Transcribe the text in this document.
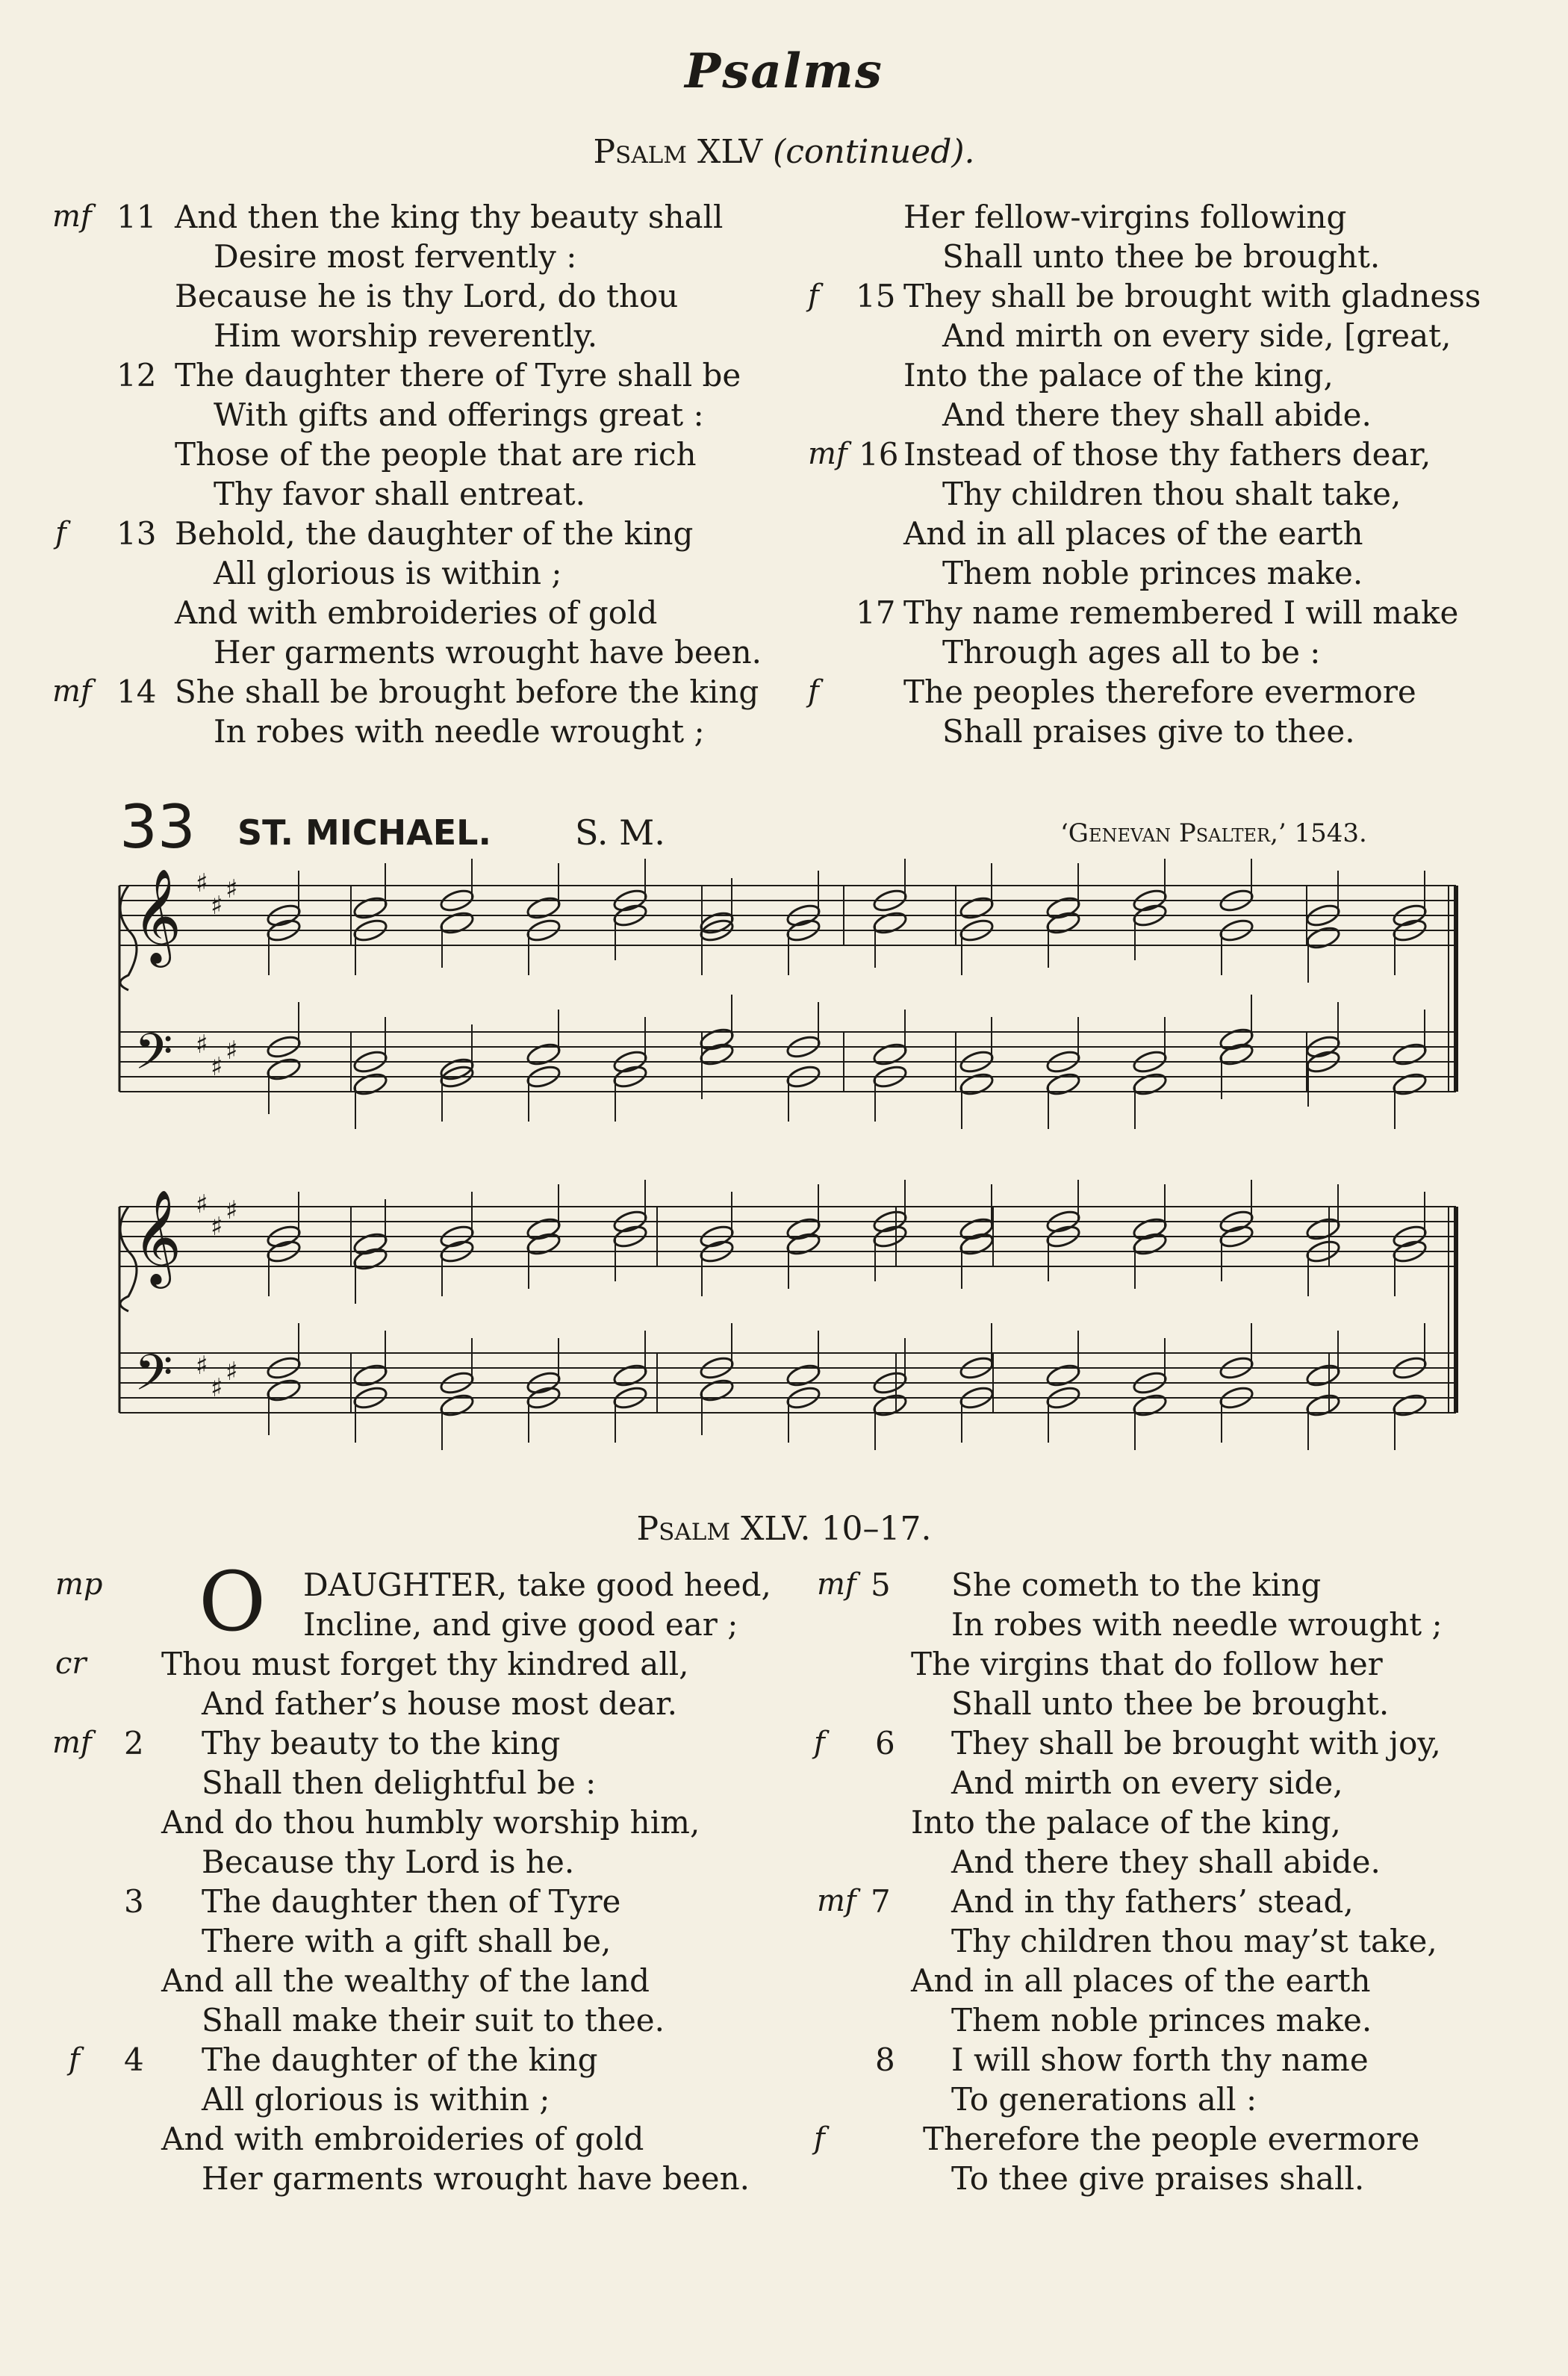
Psalms
Psalm XLV (continued).
mf 11 And then the king thy beauty shall
Desire most fervently :
Because he is thy Lord, do thou
Him worship reverently.
12 The daughter there of Tyre shall be
With gifts and offerings great :
Those of the people that are rich
Thy favor shall entreat.
f 13 Behold, the daughter of the king
All glorious is within ;
And with embroideries of gold
Her garments wrought have been.
mf 14 She shall be brought before the king
In robes with needle wrought ;
Her fellow-virgins following
Shall unto thee be brought.
f 15 They shall be brought with gladness
And mirth on every side, [great,
Into the palace of the king,
And there they shall abide.
mf 16 Instead of those thy fathers dear,
Thy children thou shalt take,
And in all places of the earth
Them noble princes make.
17 Thy name remembered I will make
Through ages all to be :
f	The peoples therefore evermore
Shall praises give to thee.
33 ST. MICHAEL. S. M.	‘Genevan Psalter,’ 1543.
𝄞
𝄢
♯
♯
♯
♯
♯
♯
𝄞
𝄢
♯
♯
♯
♯
♯
♯
Psalm XLV. 10–17.
mp O DAUGHTER, take good heed,
Incline, and give good ear ;
cr Thou must forget thy kindred all,
And father’s house most dear.
mf 2 Thy beauty to the king
Shall then delightful be :
And do thou humbly worship him,
Because thy Lord is he.
3 The daughter then of Tyre
There with a gift shall be,
And all the wealthy of the land
Shall make their suit to thee.
f 4 The daughter of the king
All glorious is within ;
And with embroideries of gold
Her garments wrought have been.
mf 5 She cometh to the king
In robes with needle wrought ;
The virgins that do follow her
Shall unto thee be brought.
f 6 They shall be brought with joy,
And mirth on every side,
Into the palace of the king,
And there they shall abide.
mf 7 And in thy fathers’ stead,
Thy children thou may’st take,
And in all places of the earth
Them noble princes make.
8 I will show forth thy name
To generations all :
f	Therefore the people evermore
To thee give praises shall.
